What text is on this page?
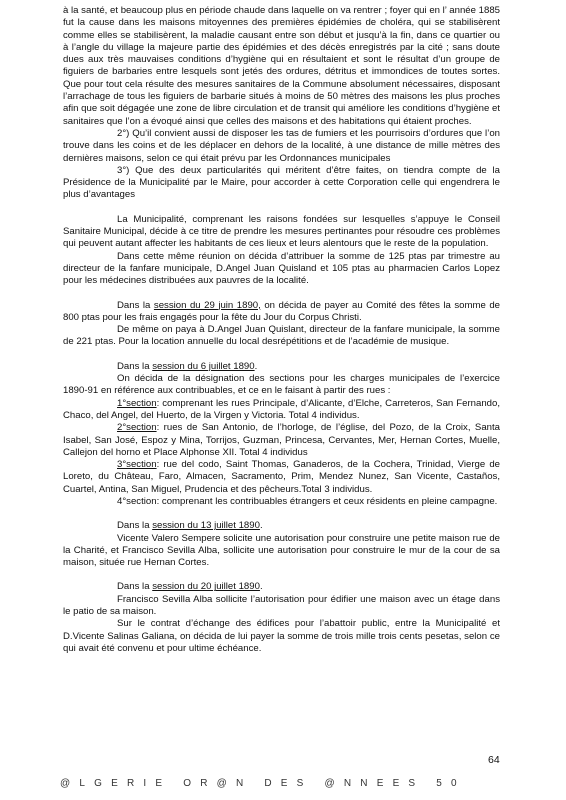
à la santé, et beaucoup plus en période chaude dans laquelle on va rentrer ; foyer qui en l’ année 1885 fut la cause dans les maisons mitoyennes des premières épidémies de choléra, qui se stabilisèrent comme elles se stabilisèrent, la maladie causant entre son début et jusqu’à la fin, dans ce quartier ou à l’angle du village la majeure partie des épidémies et des décès enregistrés par la cité ; sans doute dues aux très mauvaises conditions d’hygiène qui en résultaient et sont le résultat d’un groupe de figuiers de barbaries entre lesquels sont jetés des ordures, détritus et immondices de toutes sortes. Que pour tout cela résulte des mesures sanitaires de la Commune absolument nécessaires, disposant l’arrachage de tous les figuiers de barbarie situés à moins de 50 mètres des maisons les plus proches afin que soit dégagée une zone de libre circulation et de transit qui améliore les conditions d’hygiène et sanitaires que l’on a évoqué ainsi que celles des maisons et des habitations qui étaient proches.

2°) Qu’il convient aussi de disposer les tas de fumiers et les pourrisoirs d’ordures que l’on trouve dans les coins et de les déplacer en dehors de la localité, à une distance de mille mètres des dernières maisons, selon ce qui était prévu par les Ordonnances municipales

3°) Que des deux particularités qui méritent d’être faites, on tiendra compte de la Présidence de la Municipalité par le Maire, pour accorder à cette Corporation celle qui engendrera le plus d’avantages

La Municipalité, comprenant les raisons fondées sur lesquelles s’appuye le Conseil Sanitaire Municipal, décide à ce titre de prendre les mesures pertinantes pour résoudre ces problèmes qui peuvent autant affecter les habitants de ces lieux et leurs alentours que le reste de la population.

Dans cette même réunion on décida d’attribuer la somme de 125 ptas par trimestre au directeur de la fanfare municipale, D.Angel Juan Quisland et 105 ptas au pharmacien Carlos Lopez pour les médecines distribuées aux pauvres de la localité.

Dans la session du 29 juin 1890, on décida de payer au Comité des fêtes la somme de 800 ptas pour les frais engagés pour la fête du Jour du Corpus Christi.

De même on paya à D.Angel Juan Quislant, directeur de la fanfare municipale, la somme de 221 ptas. Pour la location annuelle du local desrépétitions et de l’académie de musique.

Dans la session du 6 juillet 1890.

On décida de la désignation des sections pour les charges municipales de l’exercice 1890-91 en référence aux contribuables, et ce en le faisant à partir des rues :

1°section: comprenant les rues Principale, d’Alicante, d’Elche, Carreteros, San Fernando, Chaco, del Angel, del Huerto, de la Virgen y Victoria. Total 4 individus.

2°section: rues de San Antonio, de l’horloge, de l’église, del Pozo, de la Croix, Santa Isabel, San José, Espoz y Mina, Torrijos, Guzman, Princesa, Cervantes, Mer, Hernan Cortes, Muelle, Callejon del horno et Place Alphonse XII. Total 4 individus

3°section: rue del codo, Saint Thomas, Ganaderos, de la Cochera, Trinidad, Vierge de Loreto, du Château, Faro, Almacen, Sacramento, Prim, Mendez Nunez, San Vicente, Castaños, Cuartel, Antina, San Miguel, Prudencia et des pêcheurs.Total 3 individus.

4°section: comprenant les contribuables étrangers et ceux résidents en pleine campagne.

Dans la session du 13 juillet 1890.

Vicente Valero Sempere solicite une autorisation pour construire une petite maison rue de la Charité, et Francisco Sevilla Alba, sollicite une autorisation pour construire le mur de la cour de sa maison, située rue Hernan Cortes.

Dans la session du 20 juillet 1890.

Francisco Sevilla Alba sollicite l’autorisation pour édifier une maison avec un étage dans le patio de sa maison.

Sur le contrat d’échange des édifices pour l’abattoir public, entre la Municipalité et D.Vicente Salinas Galiana, on décida de lui payer la somme de trois mille trois cents pesetas, selon ce qui avait été convenu et pour ultime échéance.

64
@LGERIE OR@N DES @NNEES 50
